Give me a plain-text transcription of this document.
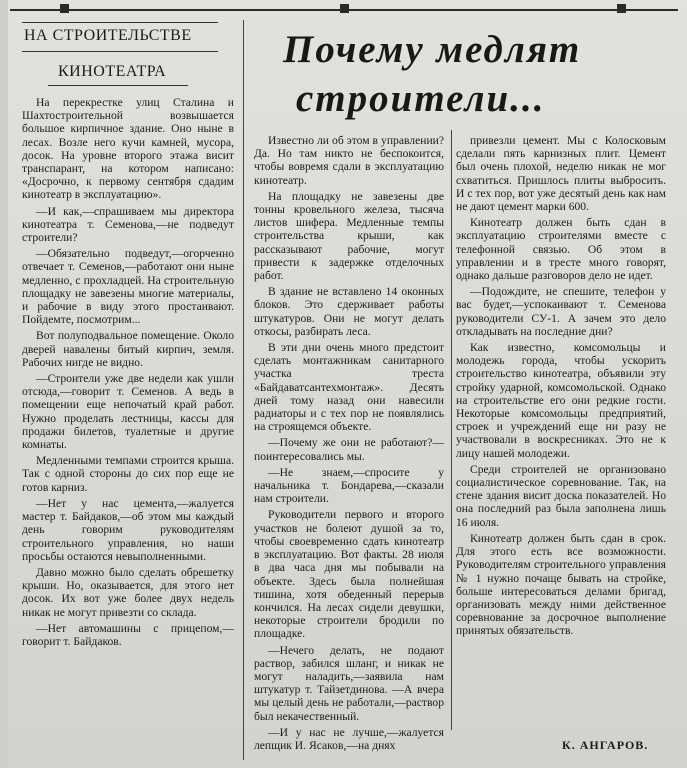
НА СТРОИТЕЛЬСТВЕ
КИНОТЕАТРА
Почему медлят
строители...

На перекрестке улиц Сталина и Шахтостроительной возвышается большое кирпичное здание. Оно ныне в лесах. Возле него кучи камней, мусора, досок. На уровне второго этажа висит транспарант, на котором написано: «Досрочно, к первому сентября сдадим кинотеатр в эксплуатацию».

—И как,—спрашиваем мы директора кинотеатра т. Семенова,—не подведут строители?

—Обязательно подведут,—огорченно отвечает т. Семенов,—работают они ныне медленно, с прохладцей. На строительную площадку не завезены многие материалы, и рабочие в виду этого простаивают. Пойдемте, посмотрим...

Вот полуподвальное помещение. Около дверей навалены битый кирпич, земля. Рабочих нигде не видно.

—Строители уже две недели как ушли отсюда,—говорит т. Семенов. А ведь в помещении еще непочатый край работ. Нужно проделать лестницы, кассы для продажи билетов, туалетные и другие комнаты.

Медленными темпами строится крыша. Так с одной стороны до сих пор еще не готов карниз.

—Нет у нас цемента,—жалуется мастер т. Байдаков,—об этом мы каждый день говорим руководителям строительного управления, но наши просьбы остаются невыполненными.

Давно можно было сделать обрешетку крыши. Но, оказывается, для этого нет досок. Их вот уже более двух недель никак не могут привезти со склада.

—Нет автомашины с прицепом,—говорит т. Байдаков.

Известно ли об этом в управлении? Да. Но там никто не беспокоится, чтобы вовремя сдали в эксплуатацию кинотеатр.

На площадку не завезены две тонны кровельного железа, тысяча листов шифера. Медленные темпы строительства крыши, как рассказывают рабочие, могут привести к задержке отделочных работ.

В здание не вставлено 14 оконных блоков. Это сдерживает работы штукатуров. Они не могут делать откосы, разбирать леса.

В эти дни очень много предстоит сделать монтажникам санитарного участка треста «Байдаватсантехмонтаж». Десять дней тому назад они навесили радиаторы и с тех пор не появлялись на строящемся объекте.

—Почему же они не работают?—поинтересовались мы.

—Не знаем,—спросите у начальника т. Бондарева,—сказали нам строители.

Руководители первого и второго участков не болеют душой за то, чтобы своевременно сдать кинотеатр в эксплуатацию. Вот факты. 28 июля в два часа дня мы побывали на объекте. Здесь была полнейшая тишина, хотя обеденный перерыв кончился. На лесах сидели девушки, некоторые строители бродили по площадке.

—Нечего делать, не подают раствор, забился шланг, и никак не могут наладить,—заявила нам штукатур т. Тайзетдинова. —А вчера мы целый день не работали,—раствор был некачественный.

—И у нас не лучше,—жалуется лепщик И. Ясаков,—на днях

привезли цемент. Мы с Колосковым сделали пять карнизных плит. Цемент был очень плохой, неделю никак не мог схватиться. Пришлось плиты выбросить. И с тех пор, вот уже десятый день как нам не дают цемент марки 600.

Кинотеатр должен быть сдан в эксплуатацию строителями вместе с телефонной связью. Об этом в управлении и в тресте много говорят, однако дальше разговоров дело не идет.

—Подождите, не спешите, телефон у вас будет,—успокаивают т. Семенова руководители СУ-1. А зачем это дело откладывать на последние дни?

Как известно, комсомольцы и молодежь города, чтобы ускорить строительство кинотеатра, объявили эту стройку ударной, комсомольской. Однако на строительстве его они редкие гости. Некоторые комсомольцы предприятий, строек и учреждений еще ни разу не участвовали в воскресниках. Это не к лицу нашей молодежи.

Среди строителей не организовано социалистическое соревнование. Так, на стене здания висит доска показателей. Но она последний раз была заполнена лишь 16 июля.

Кинотеатр должен быть сдан в срок. Для этого есть все возможности. Руководителям строительного управления № 1 нужно почаще бывать на стройке, больше интересоваться делами бригад, организовать между ними действенное соревнование за досрочное выполнение принятых обязательств.

К. АНГАРОВ.
